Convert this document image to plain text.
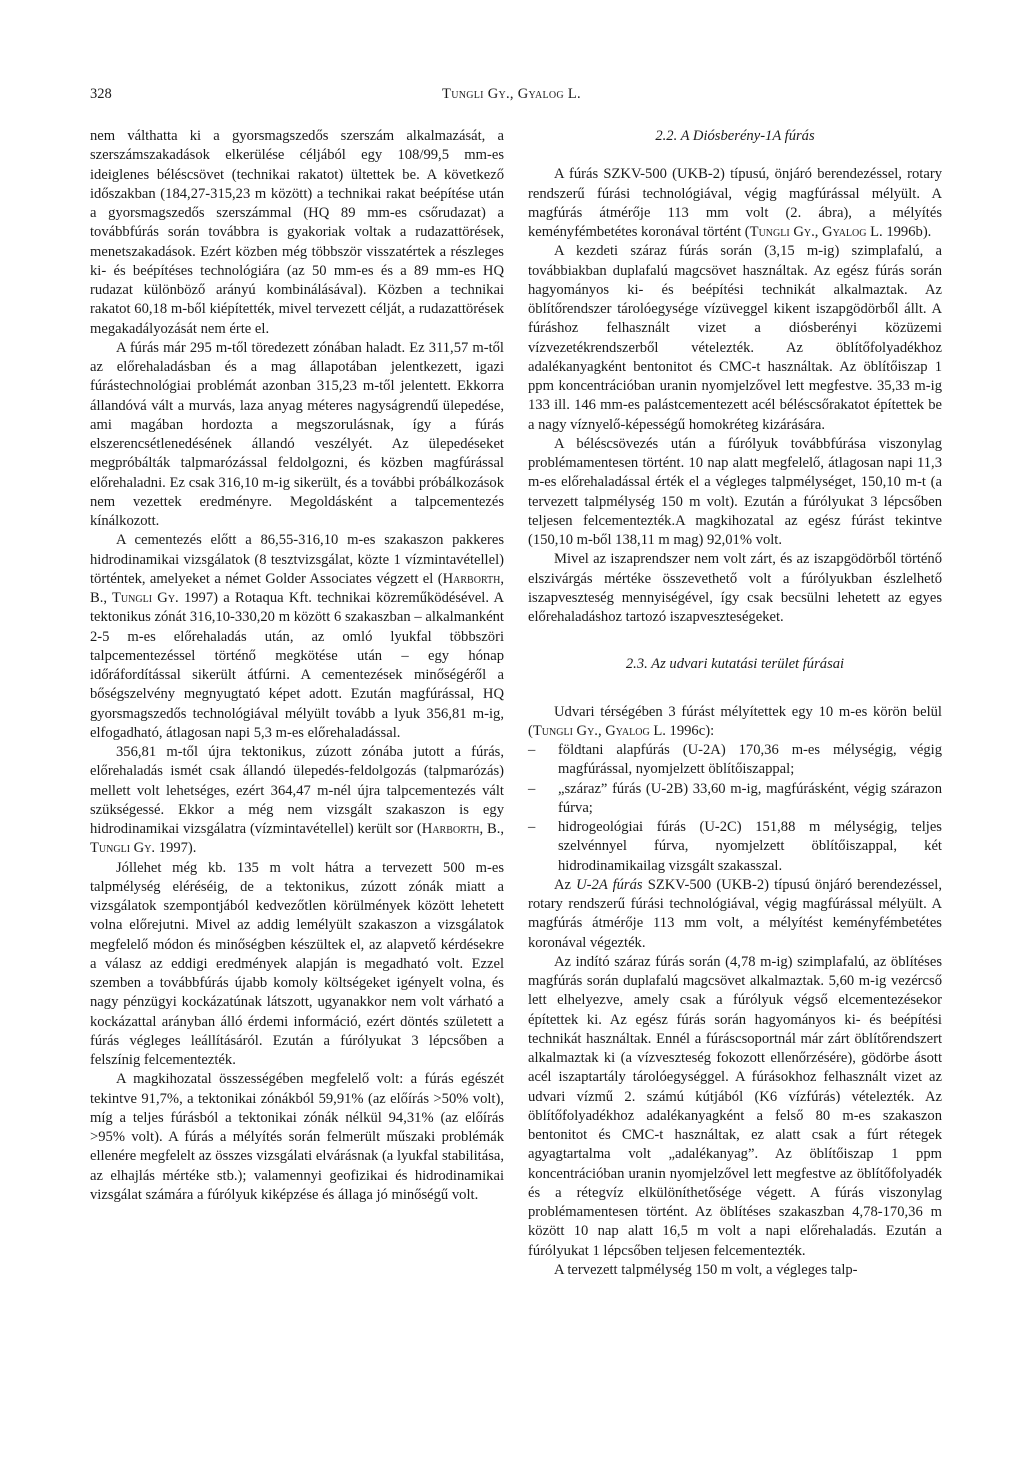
328	Tungli Gy., Gyalog L.

nem válthatta ki a gyorsmagszedős szerszám alkalmazását, a szerszámszakadások elkerülése céljából egy 108/99,5 mm-es ideiglenes béléscsövet (technikai rakatot) ültettek be. A következő időszakban (184,27-315,23 m között) a technikai rakat beépítése után a gyorsmagszedős szerszámmal (HQ 89 mm-es csőrudazat) a továbbfúrás során továbbra is gyakoriak voltak a rudazattörések, menetszakadások. Ezért közben még többször visszatértek a részleges ki- és beépítéses technológiára (az 50 mm-es és a 89 mm-es HQ rudazat különböző arányú kombinálásával). Közben a technikai rakatot 60,18 m-ből kiépítették, mivel tervezett célját, a rudazattörések megakadályozását nem érte el.

A fúrás már 295 m-től töredezett zónában haladt. Ez 311,57 m-től az előrehaladásban és a mag állapotában jelentkezett, igazi fúrástechnológiai problémát azonban 315,23 m-től jelentett. Ekkorra állandóvá vált a murvás, laza anyag méteres nagyságrendű ülepedése, ami magában hordozta a megszorulásnak, így a fúrás elszerencsétlenedésének állandó veszélyét. Az ülepedéseket megpróbálták talpmarózással feldolgozni, és közben magfúrással előrehaladni. Ez csak 316,10 m-ig sikerült, és a további próbálkozások nem vezettek eredményre. Megoldásként a talpcementezés kínálkozott.

A cementezés előtt a 86,55-316,10 m-es szakaszon pakkeres hidrodinamikai vizsgálatok (8 tesztvizsgálat, közte 1 vízmintavétellel) történtek, amelyeket a német Golder Associates végzett el (Harborth, B., Tungli Gy. 1997) a Rotaqua Kft. technikai közreműködésével. A tektonikus zónát 316,10-330,20 m között 6 szakaszban – alkalmanként 2-5 m-es előrehaladás után, az omló lyukfal többszöri talpcementezéssel történő megkötése után – egy hónap időráfordítással sikerült átfúrni. A cementezések minőségéről a bőségszelvény megnyugtató képet adott. Ezután magfúrással, HQ gyorsmagszedős technológiával mélyült tovább a lyuk 356,81 m-ig, elfogadható, átlagosan napi 5,3 m-es előrehaladással.

356,81 m-től újra tektonikus, zúzott zónába jutott a fúrás, előrehaladás ismét csak állandó ülepedés-feldolgozás (talpmarózás) mellett volt lehetséges, ezért 364,47 m-nél újra talpcementezés vált szükségessé. Ekkor a még nem vizsgált szakaszon is egy hidrodinamikai vizsgálatra (vízmintavétellel) került sor (Harborth, B., Tungli Gy. 1997).

Jóllehet még kb. 135 m volt hátra a tervezett 500 m-es talpmélység eléréséig, de a tektonikus, zúzott zónák miatt a vizsgálatok szempontjából kedvezőtlen körülmények között lehetett volna előrejutni. Mivel az addig lemélyült szakaszon a vizsgálatok megfelelő módon és minőségben készültek el, az alapvető kérdésekre a válasz az eddigi eredmények alapján is megadható volt. Ezzel szemben a továbbfúrás újabb komoly költségeket igényelt volna, és nagy pénzügyi kockázatúnak látszott, ugyanakkor nem volt várható a kockázattal arányban álló érdemi információ, ezért döntés született a fúrás végleges leállításáról. Ezután a fúrólyukat 3 lépcsőben a felszínig felcementezték.

A magkihozatal összességében megfelelő volt: a fúrás egészét tekintve 91,7%, a tektonikai zónákból 59,91% (az előírás >50% volt), míg a teljes fúrásból a tektonikai zónák nélkül 94,31% (az előírás >95% volt). A fúrás a mélyítés során felmerült műszaki problémák ellenére megfelelt az összes vizsgálati elvárásnak (a lyukfal stabilitása, az elhajlás mértéke stb.); valamennyi geofizikai és hidrodinamikai vizsgálat számára a fúrólyuk kiképzése és állaga jó minőségű volt.

2.2. A Diósberény-1A fúrás

A fúrás SZKV-500 (UKB-2) típusú, önjáró berendezéssel, rotary rendszerű fúrási technológiával, végig magfúrással mélyült. A magfúrás átmérője 113 mm volt (2. ábra), a mélyítés keményfémbetétes koronával történt (Tungli Gy., Gyalog L. 1996b).

A kezdeti száraz fúrás során (3,15 m-ig) szimplafalú, a továbbiakban duplafalú magcsövet használtak. Az egész fúrás során hagyományos ki- és beépítési technikát alkalmaztak. Az öblítőrendszer tárolóegysége vízüveggel kikent iszapgödörből állt. A fúráshoz felhasznált vizet a diósberényi közüzemi vízvezetékrendszerből vételezték. Az öblítőfolyadékhoz adalékanyagként bentonitot és CMC-t használtak. Az öblítőiszap 1 ppm koncentrációban uranin nyomjelzővel lett megfestve. 35,33 m-ig 133 ill. 146 mm-es palástcementezett acél béléscsőrakatot építettek be a nagy víznyelő-képességű homokréteg kizárására.

A béléscsövezés után a fúrólyuk továbbfúrása viszonylag problémamentesen történt. 10 nap alatt megfelelő, átlagosan napi 11,3 m-es előrehaladással érték el a végleges talpmélységet, 150,10 m-t (a tervezett talpmélység 150 m volt). Ezután a fúrólyukat 3 lépcsőben teljesen felcementezték.A magkihozatal az egész fúrást tekintve (150,10 m-ből 138,11 m mag) 92,01% volt.

Mivel az iszaprendszer nem volt zárt, és az iszapgödörből történő elszivárgás mértéke összevethető volt a fúrólyukban észlelhető iszapveszteség mennyiségével, így csak becsülni lehetett az egyes előrehaladáshoz tartozó iszapveszteségeket.

2.3. Az udvari kutatási terület fúrásai

Udvari térségében 3 fúrást mélyítettek egy 10 m-es körön belül (Tungli Gy., Gyalog L. 1996c):

– földtani alapfúrás (U-2A) 170,36 m-es mélységig, végig magfúrással, nyomjelzett öblítőiszappal;
– „száraz” fúrás (U-2B) 33,60 m-ig, magfúrásként, végig szárazon fúrva;
– hidrogeológiai fúrás (U-2C) 151,88 m mélységig, teljes szelvénnyel fúrva, nyomjelzett öblítőiszappal, két hidrodinamikailag vizsgált szakasszal.

Az U-2A fúrás SZKV-500 (UKB-2) típusú önjáró berendezéssel, rotary rendszerű fúrási technológiával, végig magfúrással mélyült. A magfúrás átmérője 113 mm volt, a mélyítést keményfémbetétes koronával végezték.

Az indító száraz fúrás során (4,78 m-ig) szimplafalú, az öblítéses magfúrás során duplafalú magcsövet alkalmaztak. 5,60 m-ig vezércső lett elhelyezve, amely csak a fúrólyuk végső elcementezésekor építettek ki. Az egész fúrás során hagyományos ki- és beépítési technikát használtak. Ennél a fúráscsoportnál már zárt öblítőrendszert alkalmaztak ki (a vízveszteség fokozott ellenőrzésére), gödörbe ásott acél iszaptartály tárolóegységgel. A fúrásokhoz felhasznált vizet az udvari vízmű 2. számú kútjából (K6 vízfúrás) vételezték. Az öblítőfolyadékhoz adalékanyagként a felső 80 m-es szakaszon bentonitot és CMC-t használtak, ez alatt csak a fúrt rétegek agyagtartalma volt „adalékanyag”. Az öblítőiszap 1 ppm koncentrációban uranin nyomjelzővel lett megfestve az öblítőfolyadék és a rétegvíz elkülöníthetősége végett. A fúrás viszonylag problémamentesen történt. Az öblítéses szakaszban 4,78-170,36 m között 10 nap alatt 16,5 m volt a napi előrehaladás. Ezután a fúrólyukat 1 lépcsőben teljesen felcementezték.

A tervezett talpmélység 150 m volt, a végleges talp-
